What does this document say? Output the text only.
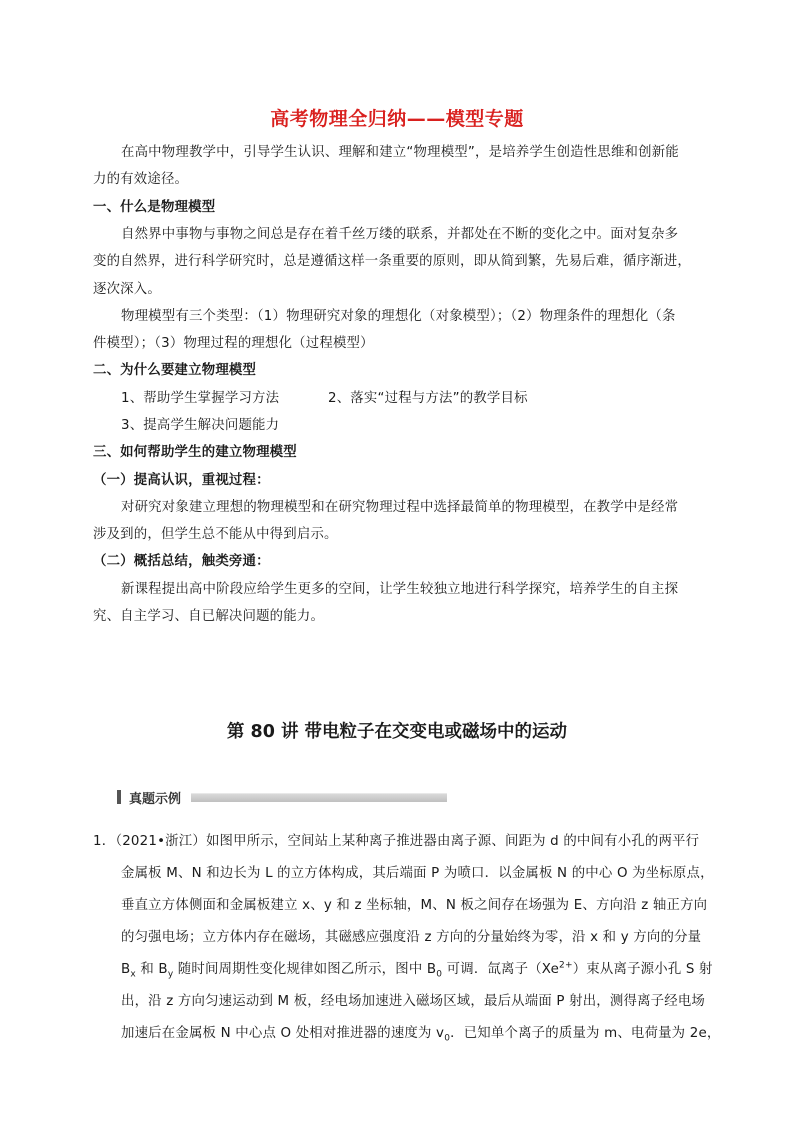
高考物理全归纳——模型专题
在高中物理教学中，引导学生认识、理解和建立“物理模型”，是培养学生创造性思维和创新能
力的有效途径。
一、什么是物理模型
自然界中事物与事物之间总是存在着千丝万缕的联系，并都处在不断的变化之中。面对复杂多
变的自然界，进行科学研究时，总是遵循这样一条重要的原则，即从简到繁，先易后难，循序渐进，
逐次深入。
物理模型有三个类型：（1）物理研究对象的理想化（对象模型）；（2）物理条件的理想化（条
件模型）；（3）物理过程的理想化（过程模型）
二、为什么要建立物理模型
1、帮助学生掌握学习方法	2、落实“过程与方法”的教学目标
3、提高学生解决问题能力
三、如何帮助学生的建立物理模型
（一）提高认识，重视过程：
对研究对象建立理想的物理模型和在研究物理过程中选择最简单的物理模型，在教学中是经常
涉及到的，但学生总不能从中得到启示。
（二）概括总结，触类旁通：
新课程提出高中阶段应给学生更多的空间，让学生较独立地进行科学探究，培养学生的自主探
究、自主学习、自已解决问题的能力。
第 80 讲 带电粒子在交变电或磁场中的运动
真题示例
1．（2021•浙江）如图甲所示，空间站上某种离子推进器由离子源、间距为 d 的中间有小孔的两平行
金属板 M、N 和边长为 L 的立方体构成，其后端面 P 为喷口．以金属板 N 的中心 O 为坐标原点，
垂直立方体侧面和金属板建立 x、y 和 z 坐标轴，M、N 板之间存在场强为 E、方向沿 z 轴正方向
的匀强电场；立方体内存在磁场，其磁感应强度沿 z 方向的分量始终为零，沿 x 和 y 方向的分量
$B_x$ 和 $B_y$ 随时间周期性变化规律如图乙所示，图中 $B_0$ 可调．氙离子$(Xe^{2+})$束从离子源小孔 S 射
出，沿 z 方向匀速运动到 M 板，经电场加速进入磁场区域，最后从端面 P 射出，测得离子经电场
加速后在金属板 N 中心点 O 处相对推进器的速度为 $v_0$．已知单个离子的质量为 m、电荷量为 2e，
